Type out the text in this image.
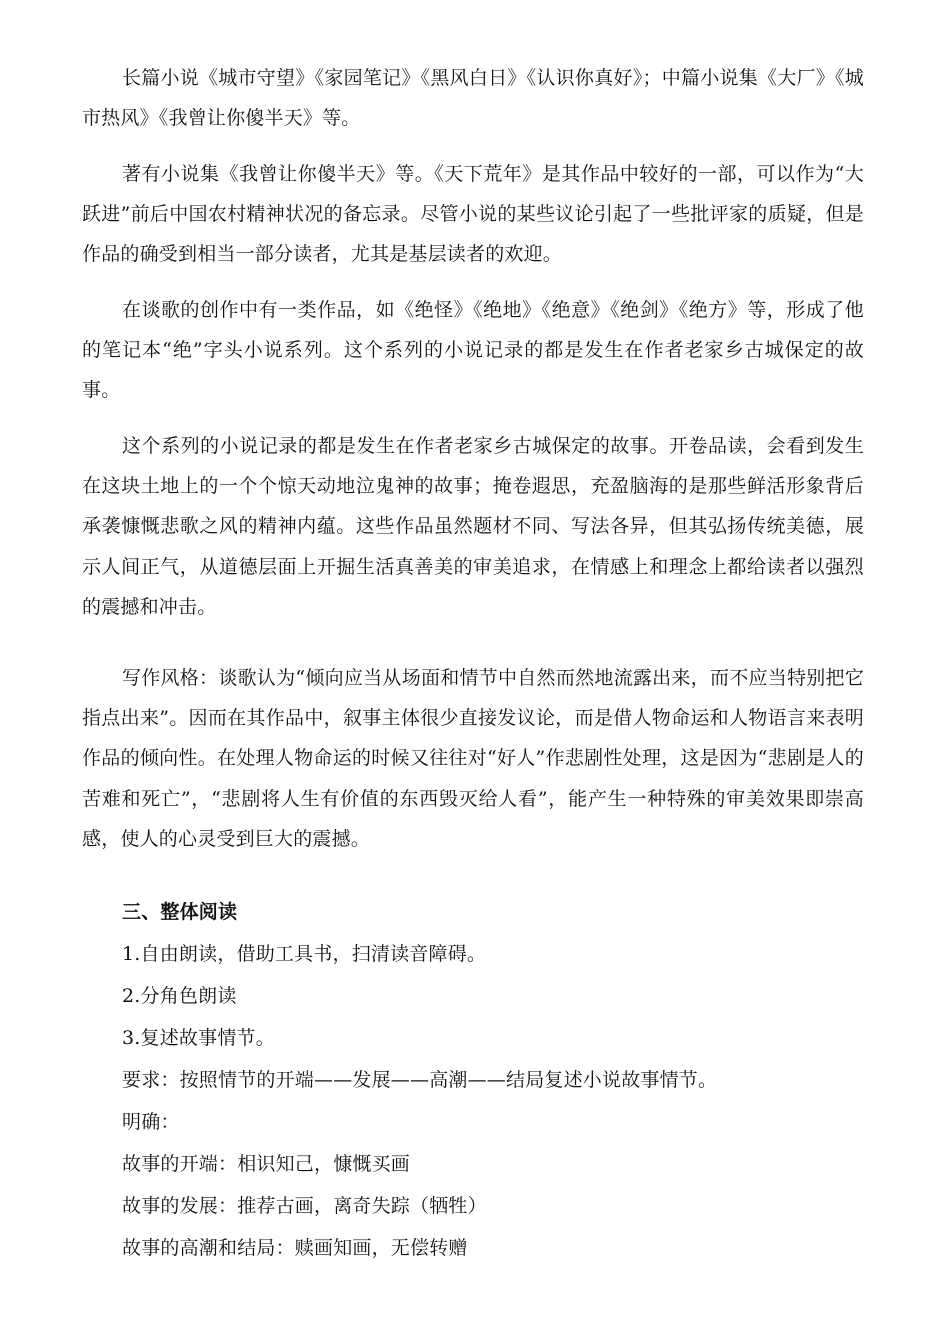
长篇小说《城市守望》《家园笔记》《黑风白日》《认识你真好》；中篇小说集《大厂》《城市热风》《我曾让你傻半天》等。

著有小说集《我曾让你傻半天》等。《天下荒年》是其作品中较好的一部，可以作为“大跃进”前后中国农村精神状况的备忘录。尽管小说的某些议论引起了一些批评家的质疑，但是作品的确受到相当一部分读者，尤其是基层读者的欢迎。

在谈歌的创作中有一类作品，如《绝怪》《绝地》《绝意》《绝剑》《绝方》等，形成了他的笔记本“绝”字头小说系列。这个系列的小说记录的都是发生在作者老家乡古城保定的故事。

这个系列的小说记录的都是发生在作者老家乡古城保定的故事。开卷品读，会看到发生在这块土地上的一个个惊天动地泣鬼神的故事；掩卷遐思，充盈脑海的是那些鲜活形象背后承袭慷慨悲歌之风的精神内蕴。这些作品虽然题材不同、写法各异，但其弘扬传统美德，展示人间正气，从道德层面上开掘生活真善美的审美追求，在情感上和理念上都给读者以强烈的震撼和冲击。

写作风格：谈歌认为“倾向应当从场面和情节中自然而然地流露出来，而不应当特别把它指点出来”。因而在其作品中，叙事主体很少直接发议论，而是借人物命运和人物语言来表明作品的倾向性。在处理人物命运的时候又往往对“好人”作悲剧性处理，这是因为“悲剧是人的苦难和死亡”，“悲剧将人生有价值的东西毁灭给人看”，能产生一种特殊的审美效果即崇高感，使人的心灵受到巨大的震撼。

三、整体阅读
1.自由朗读，借助工具书，扫清读音障碍。
2.分角色朗读
3.复述故事情节。
要求：按照情节的开端——发展——高潮——结局复述小说故事情节。
明确：
故事的开端：相识知己，慷慨买画
故事的发展：推荐古画，离奇失踪（牺牲）
故事的高潮和结局：赎画知画，无偿转赠
